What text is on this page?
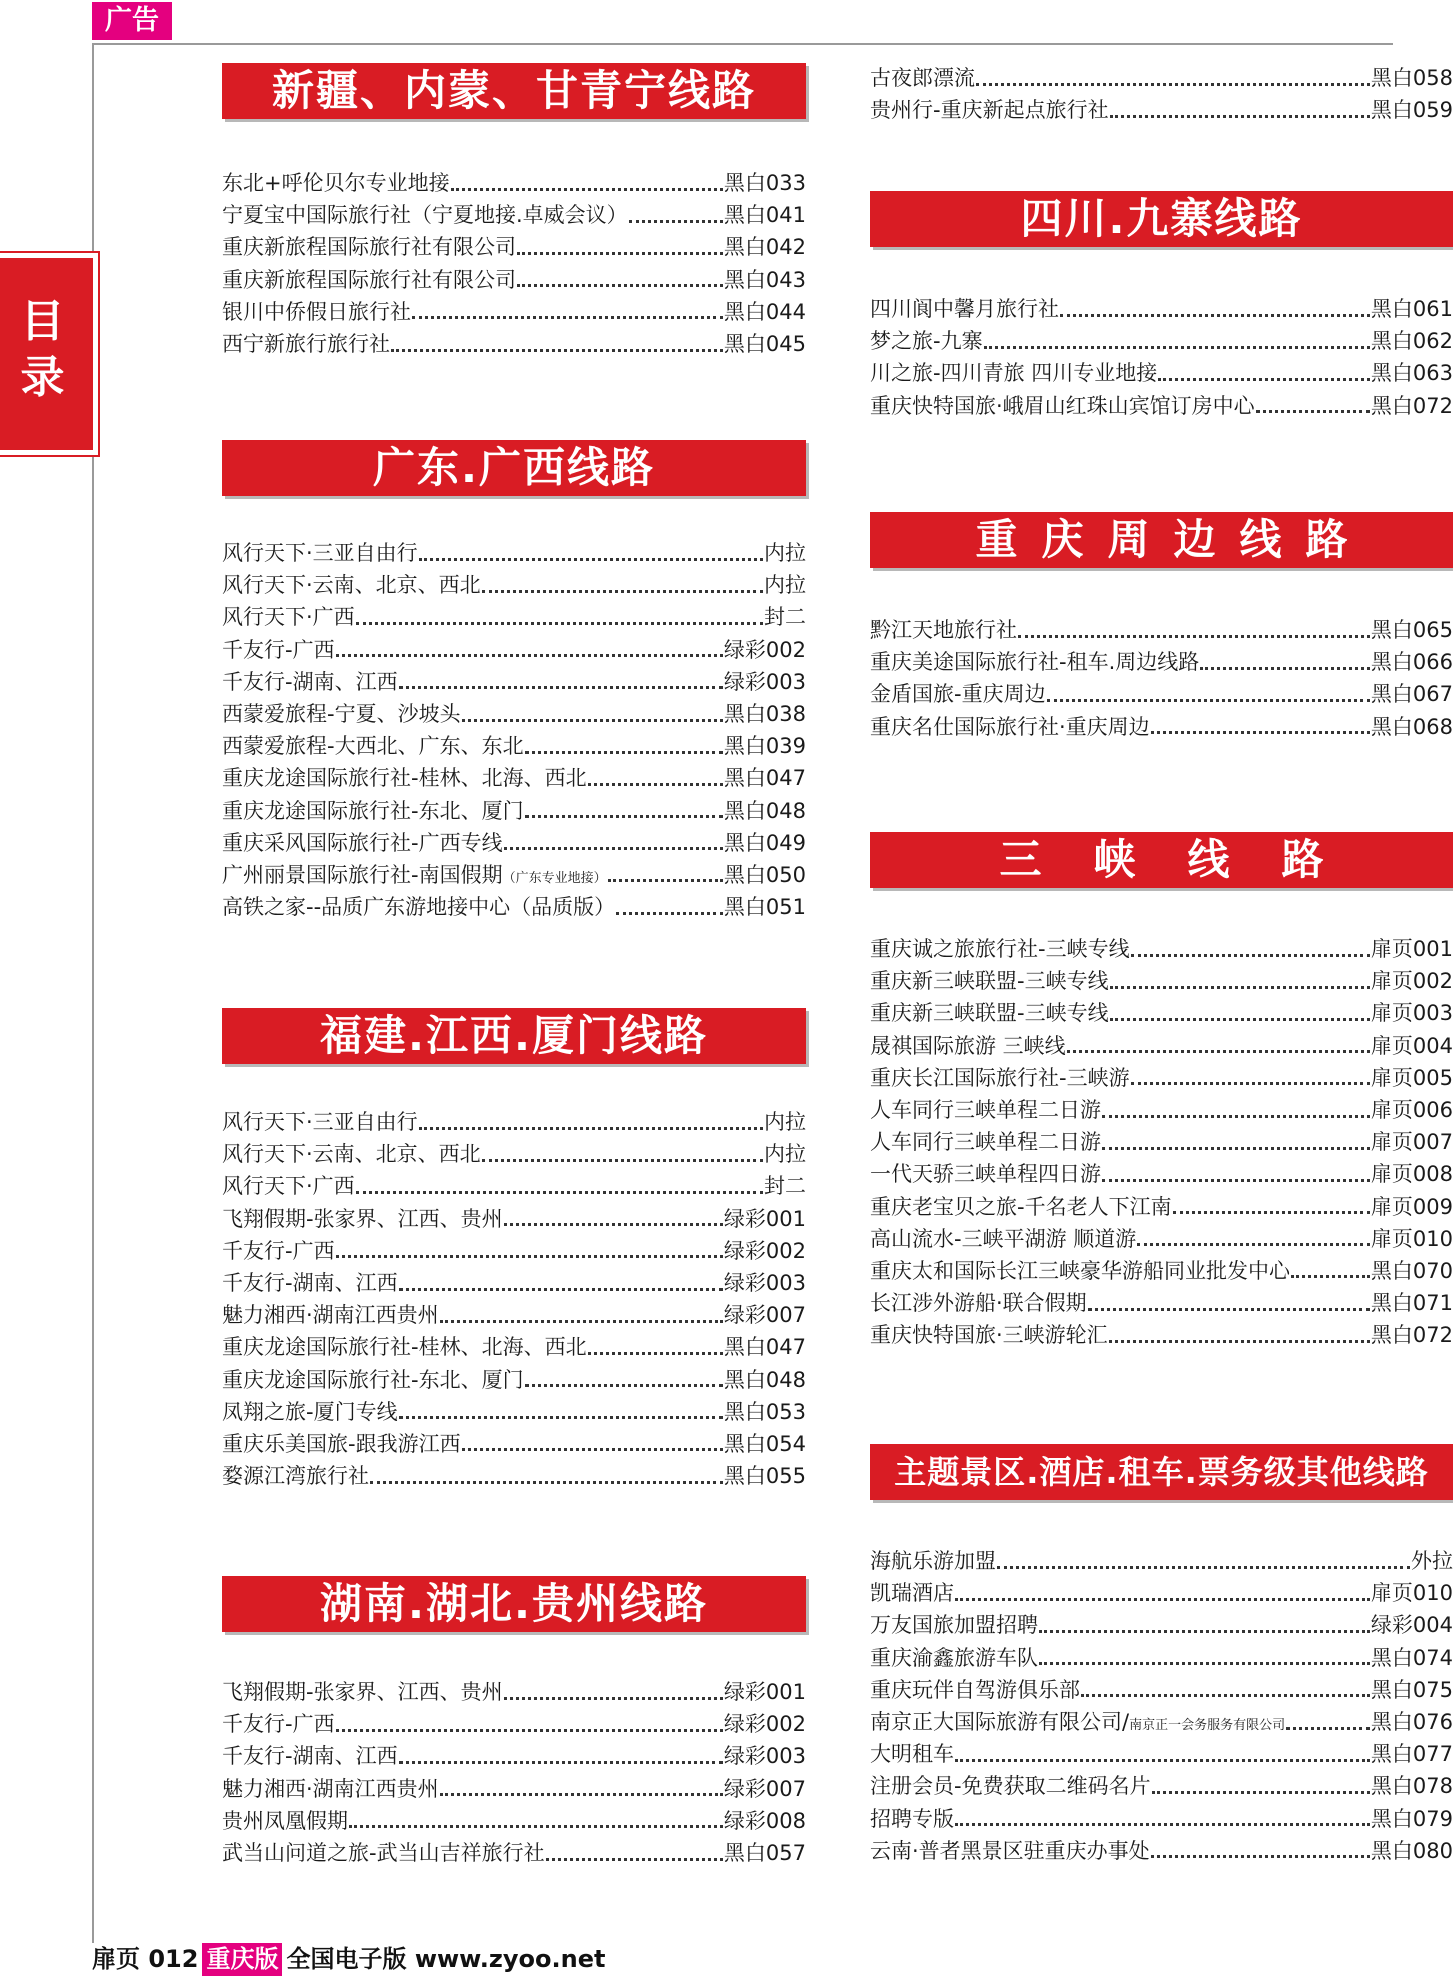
广告
新疆、内蒙、甘青宁线路
东北+呼伦贝尔专业地接	黑白033
宁夏宝中国际旅行社（宁夏地接.卓威会议）	黑白041
重庆新旅程国际旅行社有限公司	黑白042
重庆新旅程国际旅行社有限公司	黑白043
银川中侨假日旅行社	黑白044
西宁新旅行旅行社	黑白045
广东.广西线路
风行天下·三亚自由行	内拉
风行天下·云南、北京、西北	内拉
风行天下·广西	封二
千友行-广西	绿彩002
千友行-湖南、江西	绿彩003
西蒙爱旅程-宁夏、沙坡头	黑白038
西蒙爱旅程-大西北、广东、东北	黑白039
重庆龙途国际旅行社-桂林、北海、西北	黑白047
重庆龙途国际旅行社-东北、厦门	黑白048
重庆采风国际旅行社-广西专线	黑白049
广州丽景国际旅行社-南国假期（广东专业地接）	黑白050
高铁之家--品质广东游地接中心（品质版）	黑白051
福建.江西.厦门线路
风行天下·三亚自由行	内拉
风行天下·云南、北京、西北	内拉
风行天下·广西	封二
飞翔假期-张家界、江西、贵州	绿彩001
千友行-广西	绿彩002
千友行-湖南、江西	绿彩003
魅力湘西·湖南江西贵州	绿彩007
重庆龙途国际旅行社-桂林、北海、西北	黑白047
重庆龙途国际旅行社-东北、厦门	黑白048
凤翔之旅-厦门专线	黑白053
重庆乐美国旅-跟我游江西	黑白054
婺源江湾旅行社	黑白055
湖南.湖北.贵州线路
飞翔假期-张家界、江西、贵州	绿彩001
千友行-广西	绿彩002
千友行-湖南、江西	绿彩003
魅力湘西·湖南江西贵州	绿彩007
贵州凤凰假期	绿彩008
武当山问道之旅-武当山吉祥旅行社	黑白057
古夜郎漂流	黑白058
贵州行-重庆新起点旅行社	黑白059
四川.九寨线路
四川阆中馨月旅行社	黑白061
梦之旅-九寨	黑白062
川之旅-四川青旅 四川专业地接	黑白063
重庆快特国旅·峨眉山红珠山宾馆订房中心	黑白072
重庆周边线路
黔江天地旅行社	黑白065
重庆美途国际旅行社-租车.周边线路	黑白066
金盾国旅-重庆周边	黑白067
重庆名仕国际旅行社·重庆周边	黑白068
三峡线路
重庆诚之旅旅行社-三峡专线	扉页001
重庆新三峡联盟-三峡专线	扉页002
重庆新三峡联盟-三峡专线	扉页003
晟祺国际旅游 三峡线	扉页004
重庆长江国际旅行社-三峡游	扉页005
人车同行三峡单程二日游	扉页006
人车同行三峡单程二日游	扉页007
一代天骄三峡单程四日游	扉页008
重庆老宝贝之旅-千名老人下江南	扉页009
高山流水-三峡平湖游 顺道游	扉页010
重庆太和国际长江三峡豪华游船同业批发中心	黑白070
长江涉外游船·联合假期	黑白071
重庆快特国旅·三峡游轮汇	黑白072
主题景区.酒店.租车.票务级其他线路
海航乐游加盟	外拉
凯瑞酒店	扉页010
万友国旅加盟招聘	绿彩004
重庆渝鑫旅游车队	黑白074
重庆玩伴自驾游俱乐部	黑白075
南京正大国际旅游有限公司/南京正一会务服务有限公司	黑白076
大明租车	黑白077
注册会员-免费获取二维码名片	黑白078
招聘专版	黑白079
云南·普者黑景区驻重庆办事处	黑白080
目
录
扉页 012 重庆版 全国电子版 www.zyoo.net
